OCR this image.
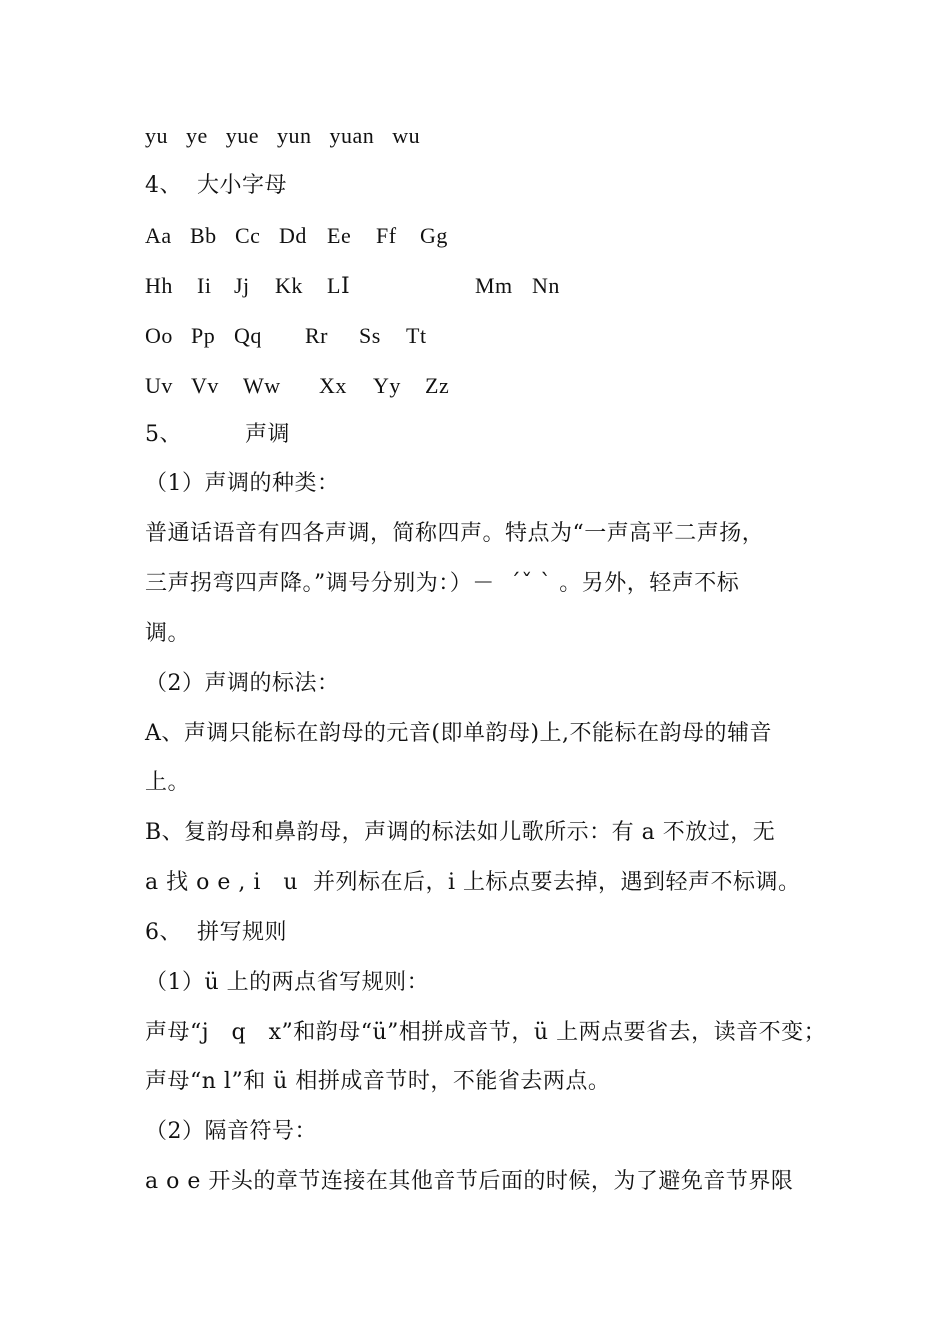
yu   ye   yue   yun   yuan   wu
4、  大小字母

Aa

Bb

Cc

Dd

Ee

Ff

Gg

Hh

Ii

Jj

Kk

LⅠ

	Mm

Nn

Oo

Pp

Qq

Rr

Ss

Tt

Uv

Vv

Ww

Xx

Yy

Zz

5、

	声调

（1）声调的种类：
普通话语音有四各声调，简称四声。特点为“一声高平二声扬，
三声拐弯四声降。”调号分别为：）－  ˊˇ ˋ 。另外，轻声不标
调。
（2）声调的标法：
A、声调只能标在韵母的元音(即单韵母)上,不能标在韵母的辅音
上。
B、复韵母和鼻韵母，声调的标法如儿歌所示：有 a 不放过，无
a 找 o e , i   u  并列标在后，i 上标点要去掉，遇到轻声不标调。
6、  拼写规则
（1）ü 上的两点省写规则：
声母“j   q   x”和韵母“ü”相拼成音节，ü 上两点要省去，读音不变；
声母“n l”和 ü 相拼成音节时，不能省去两点。
（2）隔音符号：
a o e 开头的章节连接在其他音节后面的时候，为了避免音节界限
